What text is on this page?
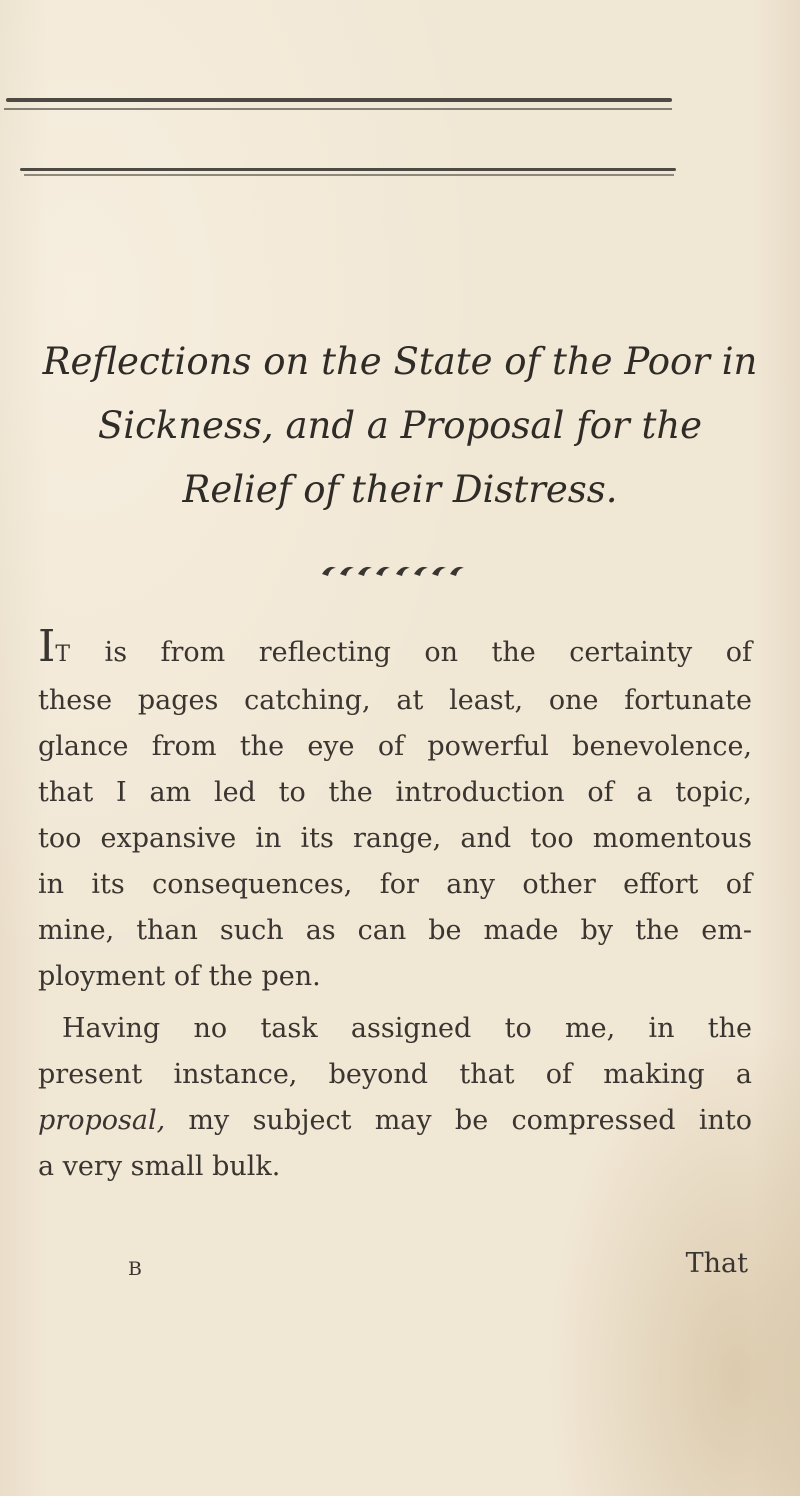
Reflections on the State of the Poor in
Sickness, and a Proposal for the
Relief of their Distress.
IT is from reflecting on the certainty of
these pages catching, at least, one fortunate
glance from the eye of powerful benevolence,
that I am led to the introduction of a topic,
too expansive in its range, and too momentous
in its consequences, for any other effort of
mine, than such as can be made by the em-
ployment of the pen.
Having no task assigned to me, in the
present instance, beyond that of making a
proposal, my subject may be compressed into
a very small bulk.
B	That
